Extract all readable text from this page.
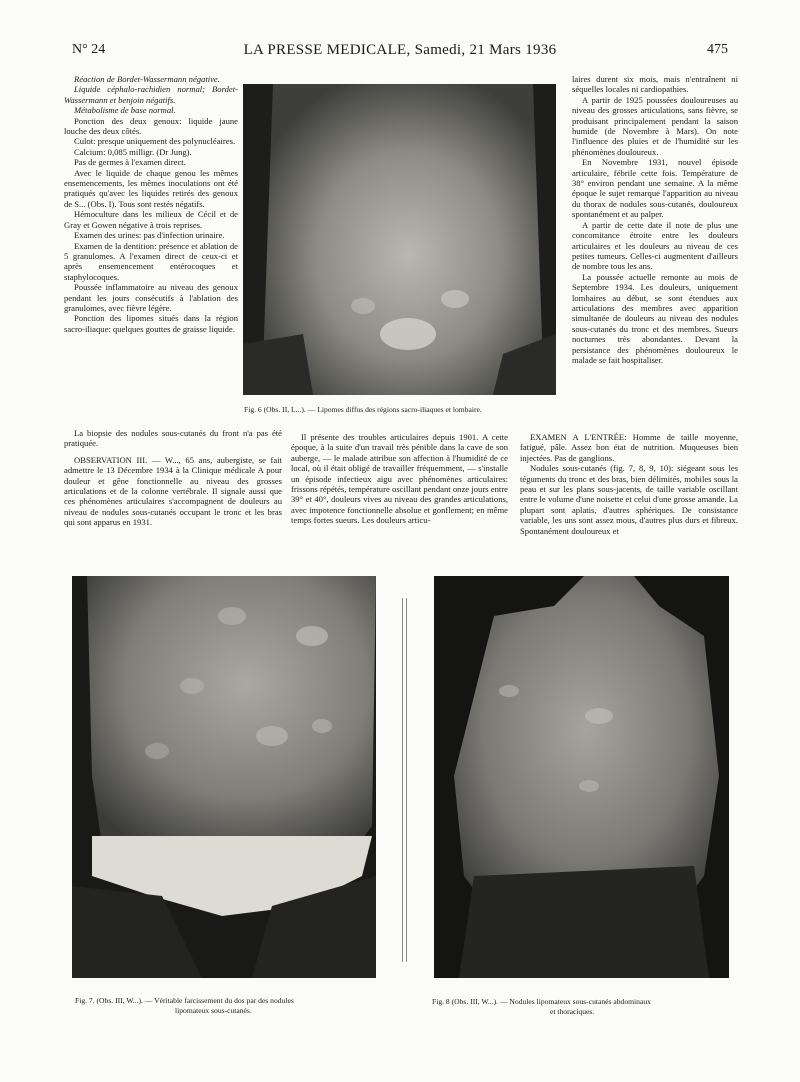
N° 24	LA PRESSE MEDICALE, Samedi, 21 Mars 1936	475

Réaction de Bordet-Wassermann négative.

Liquide céphalo-rachidien normal; Bordet-Wassermann et benjoin négatifs.

Métabolisme de base normal.

Ponction des deux genoux: liquide jaune louche des deux côtés.

Culot: presque uniquement des polynucléaires.

Calcium: 0,085 milligr. (Dr Jung).

Pas de germes à l'examen direct.

Avec le liquide de chaque genou les mêmes ensemencements, les mêmes inoculations ont été pratiqués qu'avec les liquides retirés des genoux de S... (Obs. I). Tous sont restés négatifs.

Hémoculture dans les milieux de Cécil et de Gray et Gowen négative à trois reprises.

Examen des urines: pas d'infection urinaire.

Examen de la dentition: présence et ablation de 5 granulomes. A l'examen direct de ceux-ci et après ensemencement entérocoques et staphylocoques.

Poussée inflammatoire au niveau des genoux pendant les jours consécutifs à l'ablation des granulomes, avec fièvre légère.

Ponction des lipomes situés dans la région sacro-iliaque: quelques gouttes de graisse liquide.

La biopsie des nodules sous-cutanés du front n'a pas été pratiquée.

OBSERVATION III. — W..., 65 ans, aubergiste, se fait admettre le 13 Décembre 1934 à la Clinique médicale A pour douleur et gêne fonctionnelle au niveau des grosses articulations et de la colonne vertébrale. Il signale aussi que ces phénomènes articulaires s'accompagnent de douleurs au niveau de nodules sous-cutanés occupant le tronc et les bras qui sont apparus en 1931.

Fig. 6 (Obs. II, L...). — Lipomes diffus des régions sacro-iliaques et lombaire.

Il présente des troubles articulaires depuis 1901. A cette époque, à la suite d'un travail très pénible dans la cave de son auberge, — le malade attribue son affection à l'humidité de ce local, où il était obligé de travailler fréquemment, — s'installe un épisode infectieux aigu avec phénomènes articulaires: frissons répétés, température oscillant pendant onze jours entre 39° et 40°, douleurs vives au niveau des grandes articulations, avec impotence fonctionnelle absolue et gonflement; en même temps fortes sueurs. Les douleurs articu-

laires durent six mois, mais n'entraînent ni séquelles locales ni cardiopathies.

A partir de 1925 poussées douloureuses au niveau des grosses articulations, sans fièvre, se produisant principalement pendant la saison humide (de Novembre à Mars). On note l'influence des pluies et de l'humidité sur les phénomènes douloureux.

En Novembre 1931, nouvel épisode articulaire, fébrile cette fois. Température de 38° environ pendant une semaine. A la même époque le sujet remarque l'apparition au niveau du thorax de nodules sous-cutanés, douloureux spontanément et au palper.

A partir de cette date il note de plus une concomitance étroite entre les douleurs articulaires et les douleurs au niveau de ces petites tumeurs. Celles-ci augmentent d'ailleurs de nombre tous les ans.

La poussée actuelle remonte au mois de Septembre 1934. Les douleurs, uniquement lombaires au début, se sont étendues aux articulations des membres avec apparition simultanée de douleurs au niveau des nodules sous-cutanés du tronc et des membres. Sueurs nocturnes très abondantes. Devant la persistance des phénomènes douloureux le malade se fait hospitaliser.

EXAMEN A L'ENTRÉE: Homme de taille moyenne, fatigué, pâle. Assez bon état de nutrition. Muqueuses bien injectées. Pas de ganglions.

Nodules sous-cutanés (fig. 7, 8, 9, 10): siégeant sous les téguments du tronc et des bras, bien délimités, mobiles sous la peau et sur les plans sous-jacents, de taille variable oscillant entre le volume d'une noisette et celui d'une grosse amande. La plupart sont aplatis, d'autres sphériques. De consistance variable, les uns sont assez mous, d'autres plus durs et fibreux. Spontanément douloureux et

Fig. 7. (Obs. III, W...). — Véritable farcissement du dos par des nodules
lipomateux sous-cutanés.
Fig. 8 (Obs. III, W...). — Nodules lipomateux sous-cutanés abdominaux
et thoraciques.
